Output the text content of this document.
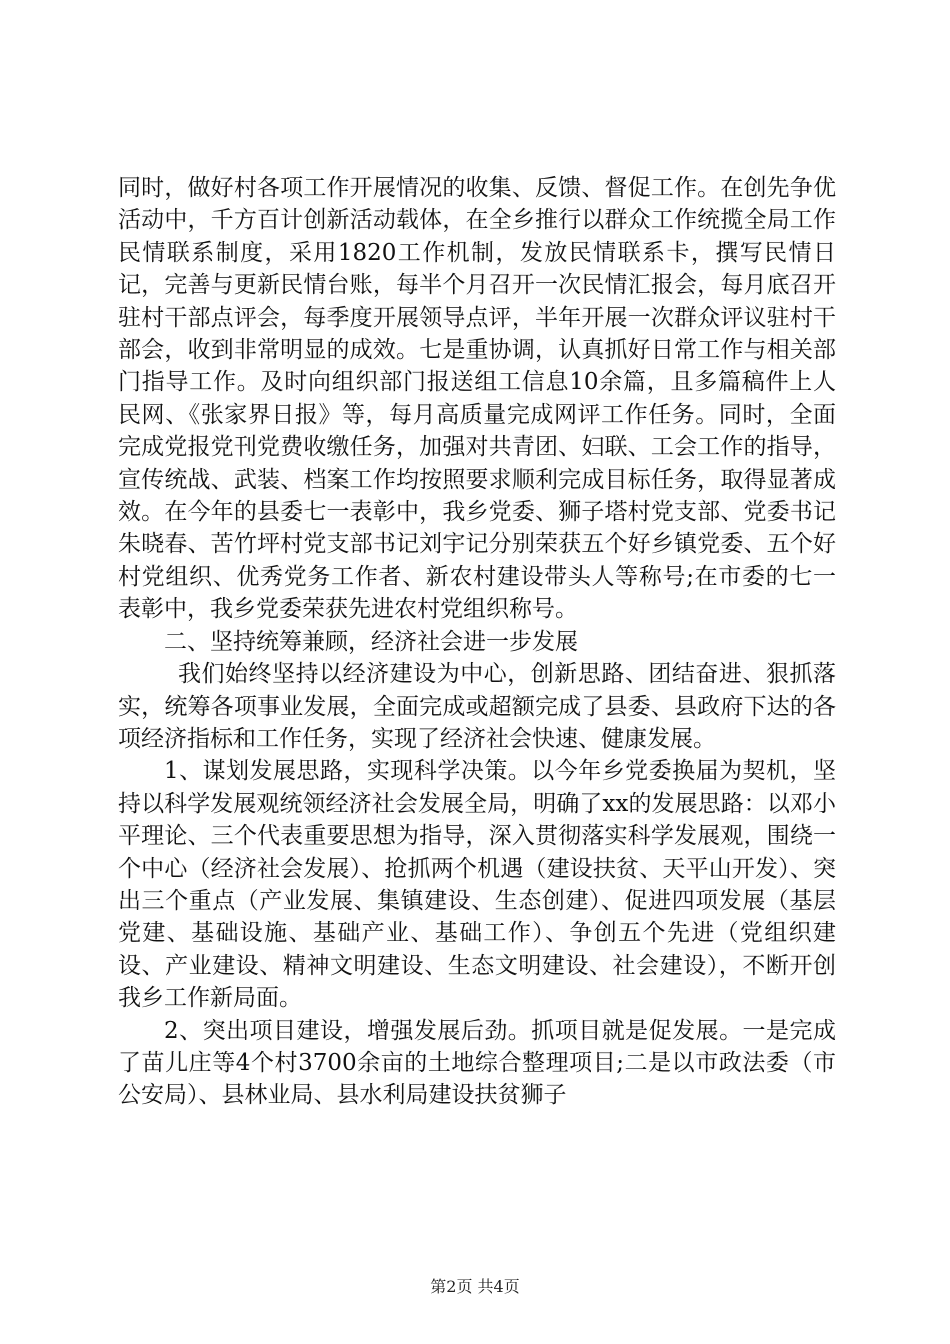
同时，做好村各项工作开展情况的收集、反馈、督促工作。在创先争优活动中，千方百计创新活动载体，在全乡推行以群众工作统揽全局工作民情联系制度，采用1820工作机制，发放民情联系卡，撰写民情日记，完善与更新民情台账，每半个月召开一次民情汇报会，每月底召开驻村干部点评会，每季度开展领导点评，半年开展一次群众评议驻村干部会，收到非常明显的成效。七是重协调，认真抓好日常工作与相关部门指导工作。及时向组织部门报送组工信息10余篇，且多篇稿件上人民网、《张家界日报》等，每月高质量完成网评工作任务。同时，全面完成党报党刊党费收缴任务，加强对共青团、妇联、工会工作的指导，宣传统战、武装、档案工作均按照要求顺利完成目标任务，取得显著成效。在今年的县委七一表彰中，我乡党委、狮子塔村党支部、党委书记朱晓春、苦竹坪村党支部书记刘宇记分别荣获五个好乡镇党委、五个好村党组织、优秀党务工作者、新农村建设带头人等称号;在市委的七一表彰中，我乡党委荣获先进农村党组织称号。

二、坚持统筹兼顾，经济社会进一步发展

我们始终坚持以经济建设为中心，创新思路、团结奋进、狠抓落实，统筹各项事业发展，全面完成或超额完成了县委、县政府下达的各项经济指标和工作任务，实现了经济社会快速、健康发展。

1、谋划发展思路，实现科学决策。以今年乡党委换届为契机，坚持以科学发展观统领经济社会发展全局，明确了xx的发展思路：以邓小平理论、三个代表重要思想为指导，深入贯彻落实科学发展观，围绕一个中心（经济社会发展）、抢抓两个机遇（建设扶贫、天平山开发）、突出三个重点（产业发展、集镇建设、生态创建）、促进四项发展（基层党建、基础设施、基础产业、基础工作）、争创五个先进（党组织建设、产业建设、精神文明建设、生态文明建设、社会建设），不断开创我乡工作新局面。

2、突出项目建设，增强发展后劲。抓项目就是促发展。一是完成了苗儿庄等4个村3700余亩的土地综合整理项目;二是以市政法委（市公安局）、县林业局、县水利局建设扶贫狮子

第2页 共4页
